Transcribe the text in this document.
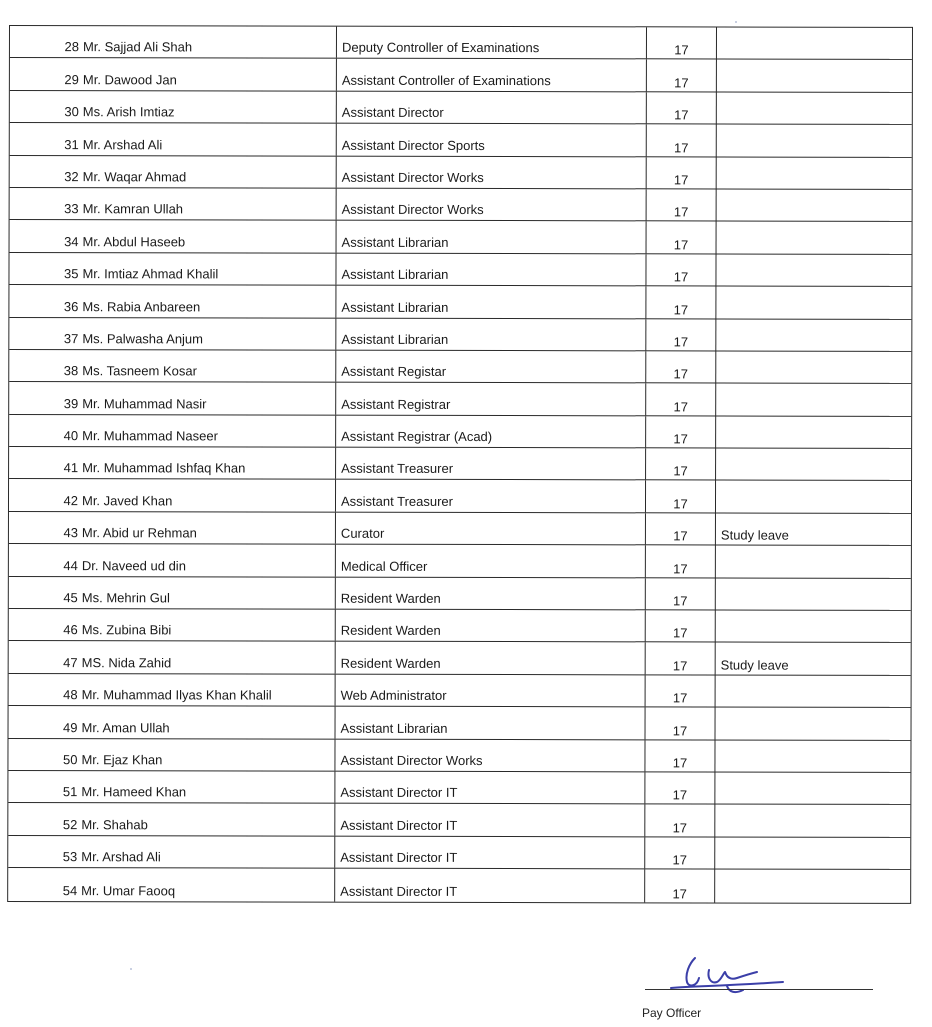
28 Mr. Sajjad Ali Shah	Deputy Controller of Examinations	17
29 Mr. Dawood Jan	Assistant Controller of Examinations	17
30 Ms. Arish Imtiaz	Assistant Director	17
31 Mr. Arshad Ali	Assistant Director Sports	17
32 Mr. Waqar Ahmad	Assistant Director Works	17
33 Mr. Kamran Ullah	Assistant Director Works	17
34 Mr. Abdul Haseeb	Assistant Librarian	17
35 Mr. Imtiaz Ahmad Khalil	Assistant Librarian	17
36 Ms. Rabia Anbareen	Assistant Librarian	17
37 Ms. Palwasha Anjum	Assistant Librarian	17
38 Ms. Tasneem Kosar	Assistant Registar	17
39 Mr. Muhammad Nasir	Assistant Registrar	17
40 Mr. Muhammad Naseer	Assistant Registrar (Acad)	17
41 Mr. Muhammad Ishfaq Khan	Assistant Treasurer	17
42 Mr. Javed Khan	Assistant Treasurer	17
43 Mr. Abid ur Rehman	Curator	17	Study leave
44 Dr. Naveed ud din	Medical Officer	17
45 Ms. Mehrin Gul	Resident Warden	17
46 Ms. Zubina Bibi	Resident Warden	17
47 MS. Nida Zahid	Resident Warden	17	Study leave
48 Mr. Muhammad Ilyas Khan Khalil	Web Administrator	17
49 Mr. Aman Ullah	Assistant Librarian	17
50 Mr. Ejaz Khan	Assistant Director Works	17
51 Mr. Hameed Khan	Assistant Director IT	17
52 Mr. Shahab	Assistant Director IT	17
53 Mr. Arshad Ali	Assistant Director IT	17
54 Mr. Umar Faooq	Assistant Director IT	17
Pay Officer
